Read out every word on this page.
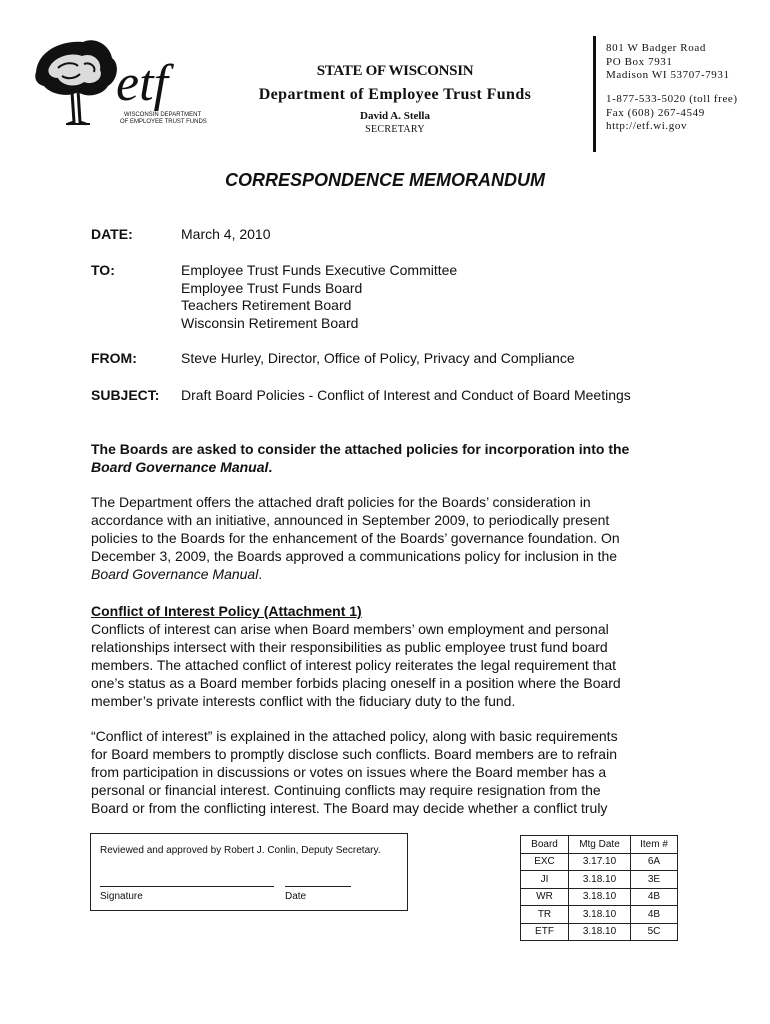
etf
WISCONSIN DEPARTMENT
OF EMPLOYEE TRUST FUNDS
STATE OF WISCONSIN
Department of Employee Trust Funds
David A. Stella
SECRETARY
801 W Badger Road
PO Box 7931
Madison WI 53707-7931
1-877-533-5020 (toll free)
Fax (608) 267-4549
http://etf.wi.gov
CORRESPONDENCE MEMORANDUM
DATE:	March 4, 2010
TO:	Employee Trust Funds Executive Committee
Employee Trust Funds Board
Teachers Retirement Board
Wisconsin Retirement Board
FROM:	Steve Hurley, Director, Office of Policy, Privacy and Compliance
SUBJECT: Draft Board Policies - Conflict of Interest and Conduct of Board Meetings
The Boards are asked to consider the attached policies for incorporation into the
Board Governance Manual.
The Department offers the attached draft policies for the Boards’ consideration in
accordance with an initiative, announced in September 2009, to periodically present
policies to the Boards for the enhancement of the Boards’ governance foundation. On
December 3, 2009, the Boards approved a communications policy for inclusion in the
Board Governance Manual.
Conflict of Interest Policy (Attachment 1)
Conflicts of interest can arise when Board members’ own employment and personal
relationships intersect with their responsibilities as public employee trust fund board
members. The attached conflict of interest policy reiterates the legal requirement that
one’s status as a Board member forbids placing oneself in a position where the Board
member’s private interests conflict with the fiduciary duty to the fund.
“Conflict of interest” is explained in the attached policy, along with basic requirements
for Board members to promptly disclose such conflicts. Board members are to refrain
from participation in discussions or votes on issues where the Board member has a
personal or financial interest. Continuing conflicts may require resignation from the
Board or from the conflicting interest. The Board may decide whether a conflict truly
Reviewed and approved by Robert J. Conlin, Deputy Secretary.
Signature	Date
Board	Mtg Date	Item #
EXC	3.17.10	6A
JI	3.18.10	3E
WR	3.18.10	4B
TR	3.18.10	4B
ETF	3.18.10	5C
